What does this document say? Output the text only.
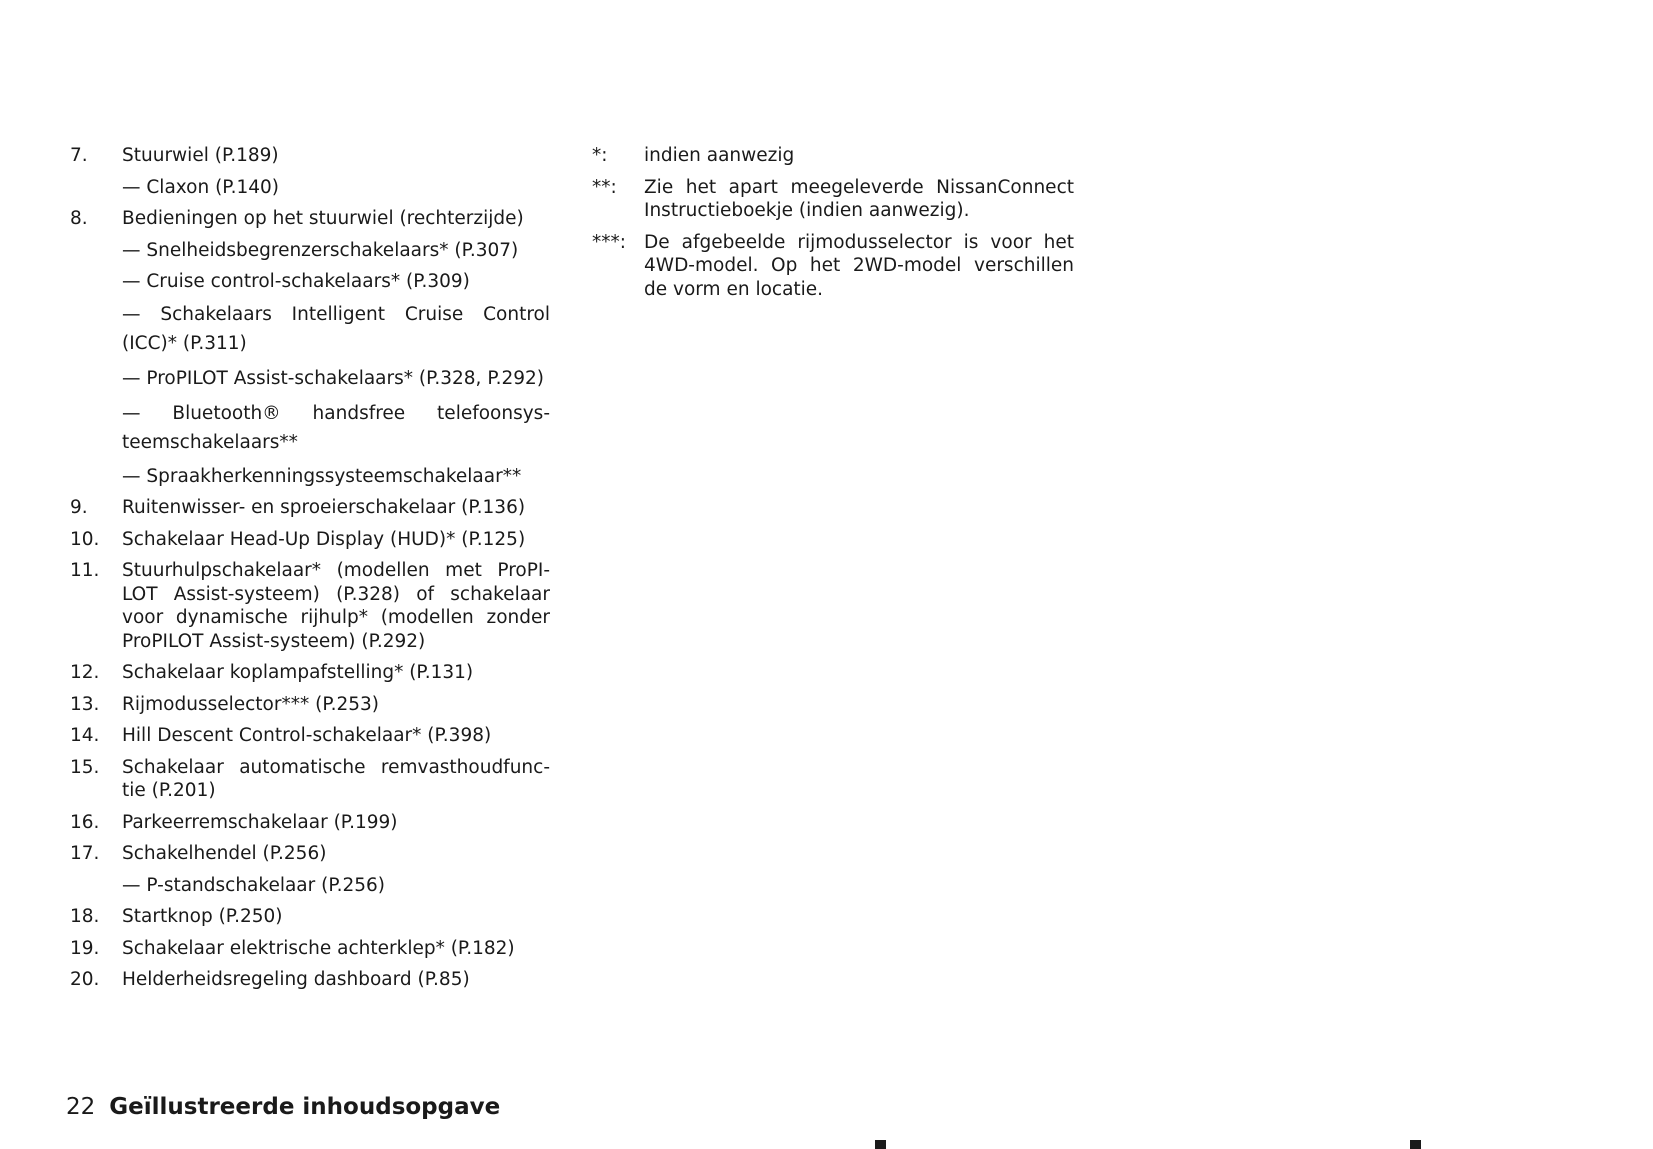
7. Stuurwiel (P.189)
— Claxon (P.140)
8. Bedieningen op het stuurwiel (rechterzijde)
— Snelheidsbegrenzerschakelaars* (P.307)
— Cruise control-schakelaars* (P.309)
— Schakelaars Intelligent Cruise Control (ICC)* (P.311)
— ProPILOT Assist-schakelaars* (P.328, P.292)
— Bluetooth® handsfree telefoonsys-teemschakelaars**
— Spraakherkenningssysteemschakelaar**
9. Ruitenwisser- en sproeierschakelaar (P.136)
10. Schakelaar Head-Up Display (HUD)* (P.125)
11. Stuurhulpschakelaar* (modellen met ProPI-LOT Assist-systeem) (P.328) of schakelaar voor dynamische rijhulp* (modellen zonder ProPILOT Assist-systeem) (P.292)
12. Schakelaar koplampafstelling* (P.131)
13. Rijmodusselector*** (P.253)
14. Hill Descent Control-schakelaar* (P.398)
15. Schakelaar automatische remvasthoudfunc-tie (P.201)
16. Parkeerremschakelaar (P.199)
17. Schakelhendel (P.256)
— P-standschakelaar (P.256)
18. Startknop (P.250)
19. Schakelaar elektrische achterklep* (P.182)
20. Helderheidsregeling dashboard (P.85)
*: indien aanwezig
**: Zie het apart meegeleverde NissanConnect Instructieboekje (indien aanwezig).
***: De afgebeelde rijmodusselector is voor het 4WD-model. Op het 2WD-model verschillen de vorm en locatie.
22 Geïllustreerde inhoudsopgave
